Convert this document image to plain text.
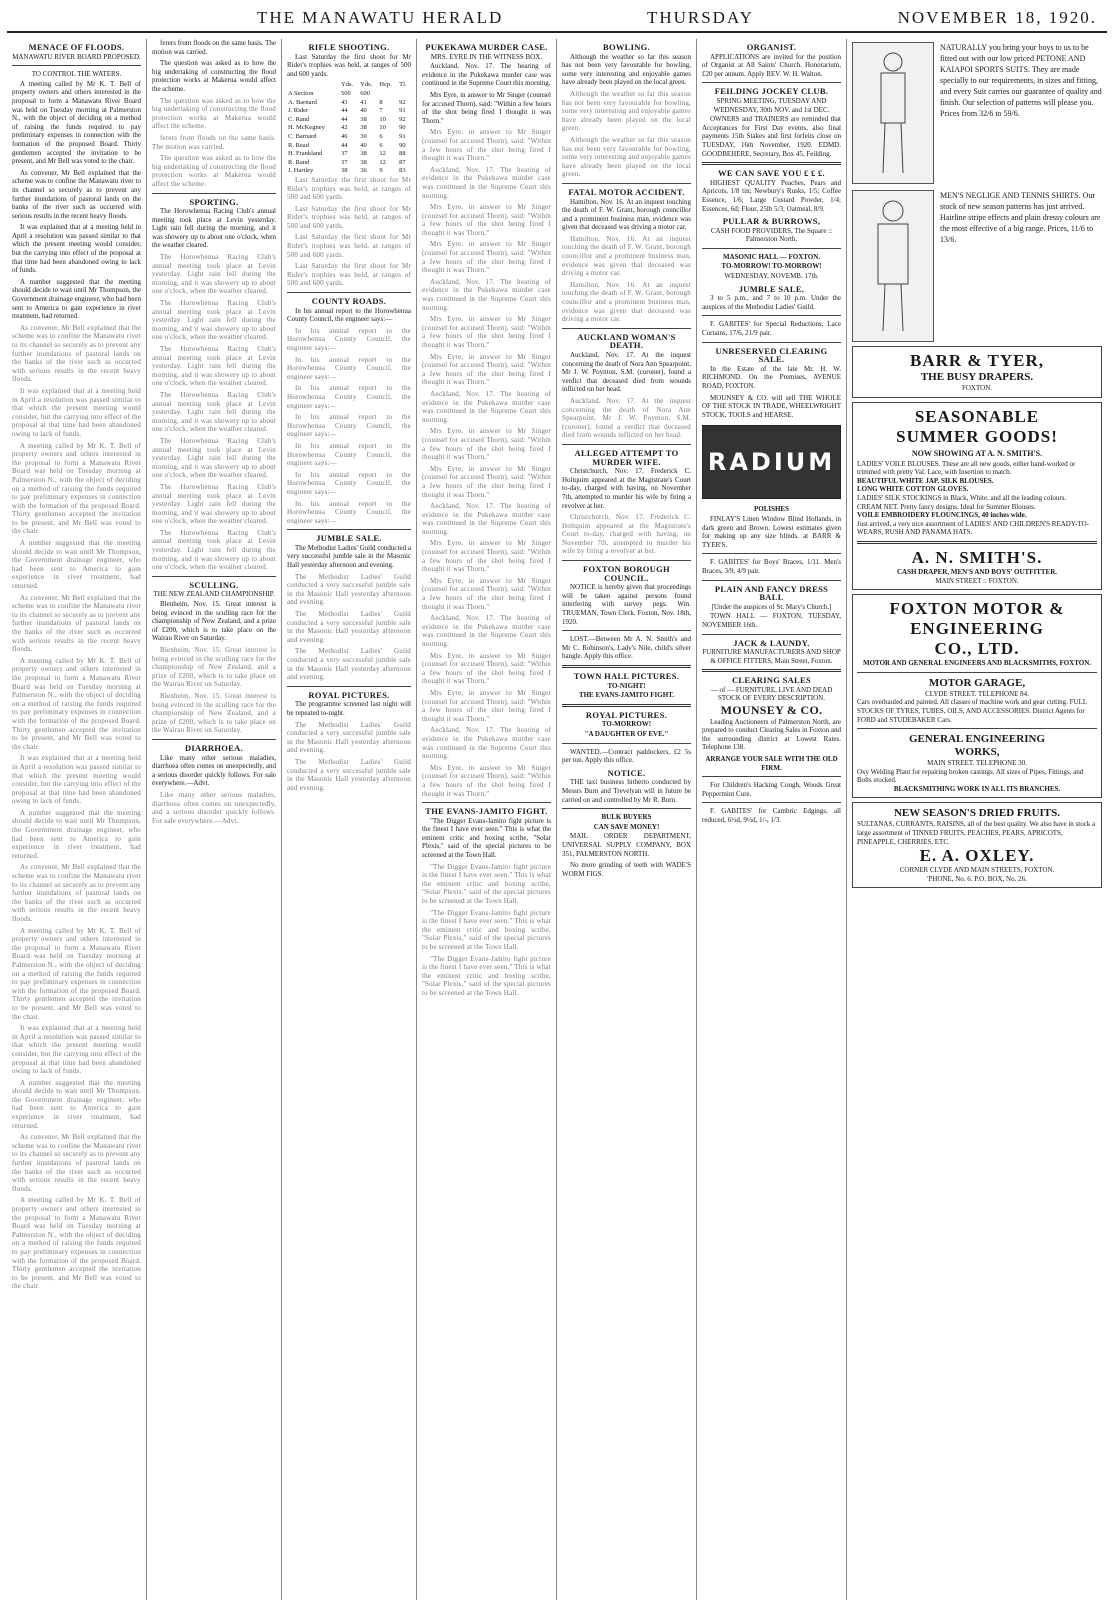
THE MANAWATU HERALD	THURSDAY	NOVEMBER 18, 1920.
MENACE OF FLOODS.
MANAWATU RIVER BOARD PROPOSED.
TO CONTROL THE WATERS.

A meeting called by Mr K. T. Bell of property owners and others interested in the proposal to form a Manawatu River Board was held on Tuesday morning at Palmerston N., with the object of deciding on a method of raising the funds required to pay preliminary expenses in connection with the formation of the proposed Board. Thirty gentlemen accepted the invitation to be present, and Mr Bell was voted to the chair.

As convener, Mr Bell explained that the scheme was to confine the Manawatu river to its channel so securely as to prevent any further inundations of pastoral lands on the banks of the river such as occurred with serious results in the recent heavy floods.

It was explained that at a meeting held in April a resolution was passed similar to that which the present meeting would consider, but the carrying into effect of the proposal at that time had been abandoned owing to lack of funds.

A number suggested that the meeting should decide to wait until Mr Thompson, the Government drainage engineer, who had been sent to America to gain experience in river treatment, had returned.

As convener, Mr Bell explained that the scheme was to confine the Manawatu river to its channel so securely as to prevent any further inundations of pastoral lands on the banks of the river such as occurred with serious results in the recent heavy floods.

It was explained that at a meeting held in April a resolution was passed similar to that which the present meeting would consider, but the carrying into effect of the proposal at that time had been abandoned owing to lack of funds.

A meeting called by Mr K. T. Bell of property owners and others interested in the proposal to form a Manawatu River Board was held on Tuesday morning at Palmerston N., with the object of deciding on a method of raising the funds required to pay preliminary expenses in connection with the formation of the proposed Board. Thirty gentlemen accepted the invitation to be present, and Mr Bell was voted to the chair.

A number suggested that the meeting should decide to wait until Mr Thompson, the Government drainage engineer, who had been sent to America to gain experience in river treatment, had returned.

As convener, Mr Bell explained that the scheme was to confine the Manawatu river to its channel so securely as to prevent any further inundations of pastoral lands on the banks of the river such as occurred with serious results in the recent heavy floods.

A meeting called by Mr K. T. Bell of property owners and others interested in the proposal to form a Manawatu River Board was held on Tuesday morning at Palmerston N., with the object of deciding on a method of raising the funds required to pay preliminary expenses in connection with the formation of the proposed Board. Thirty gentlemen accepted the invitation to be present, and Mr Bell was voted to the chair.

It was explained that at a meeting held in April a resolution was passed similar to that which the present meeting would consider, but the carrying into effect of the proposal at that time had been abandoned owing to lack of funds.

A number suggested that the meeting should decide to wait until Mr Thompson, the Government drainage engineer, who had been sent to America to gain experience in river treatment, had returned.

As convener, Mr Bell explained that the scheme was to confine the Manawatu river to its channel so securely as to prevent any further inundations of pastoral lands on the banks of the river such as occurred with serious results in the recent heavy floods.

A meeting called by Mr K. T. Bell of property owners and others interested in the proposal to form a Manawatu River Board was held on Tuesday morning at Palmerston N., with the object of deciding on a method of raising the funds required to pay preliminary expenses in connection with the formation of the proposed Board. Thirty gentlemen accepted the invitation to be present, and Mr Bell was voted to the chair.

It was explained that at a meeting held in April a resolution was passed similar to that which the present meeting would consider, but the carrying into effect of the proposal at that time had been abandoned owing to lack of funds.

A number suggested that the meeting should decide to wait until Mr Thompson, the Government drainage engineer, who had been sent to America to gain experience in river treatment, had returned.

As convener, Mr Bell explained that the scheme was to confine the Manawatu river to its channel so securely as to prevent any further inundations of pastoral lands on the banks of the river such as occurred with serious results in the recent heavy floods.

A meeting called by Mr K. T. Bell of property owners and others interested in the proposal to form a Manawatu River Board was held on Tuesday morning at Palmerston N., with the object of deciding on a method of raising the funds required to pay preliminary expenses in connection with the formation of the proposed Board. Thirty gentlemen accepted the invitation to be present, and Mr Bell was voted to the chair.

ferers from floods on the same basis. The motion was carried.

The question was asked as to how the big undertaking of constructing the flood protection works at Makerua would affect the scheme.

The question was asked as to how the big undertaking of constructing the flood protection works at Makerua would affect the scheme.

ferers from floods on the same basis. The motion was carried.

The question was asked as to how the big undertaking of constructing the flood protection works at Makerua would affect the scheme.

SPORTING.

The Horowhenua Racing Club's annual meeting took place at Levin yesterday. Light rain fell during the morning, and it was showery up to about one o'clock, when the weather cleared.

The Horowhenua Racing Club's annual meeting took place at Levin yesterday. Light rain fell during the morning, and it was showery up to about one o'clock, when the weather cleared.

The Horowhenua Racing Club's annual meeting took place at Levin yesterday. Light rain fell during the morning, and it was showery up to about one o'clock, when the weather cleared.

The Horowhenua Racing Club's annual meeting took place at Levin yesterday. Light rain fell during the morning, and it was showery up to about one o'clock, when the weather cleared.

The Horowhenua Racing Club's annual meeting took place at Levin yesterday. Light rain fell during the morning, and it was showery up to about one o'clock, when the weather cleared.

The Horowhenua Racing Club's annual meeting took place at Levin yesterday. Light rain fell during the morning, and it was showery up to about one o'clock, when the weather cleared.

The Horowhenua Racing Club's annual meeting took place at Levin yesterday. Light rain fell during the morning, and it was showery up to about one o'clock, when the weather cleared.

The Horowhenua Racing Club's annual meeting took place at Levin yesterday. Light rain fell during the morning, and it was showery up to about one o'clock, when the weather cleared.

SCULLING.
THE NEW ZEALAND CHAMPIONSHIP.

Blenheim, Nov. 15. Great interest is being evinced in the sculling race for the championship of New Zealand, and a prize of £200, which is to take place on the Wairau River on Saturday.

Blenheim, Nov. 15. Great interest is being evinced in the sculling race for the championship of New Zealand, and a prize of £200, which is to take place on the Wairau River on Saturday.

Blenheim, Nov. 15. Great interest is being evinced in the sculling race for the championship of New Zealand, and a prize of £200, which is to take place on the Wairau River on Saturday.

DIARRHOEA.

Like many other serious maladies, diarrhoea often comes on unexpectedly, and a serious disorder quickly follows. For sale everywhere.—Advt.

Like many other serious maladies, diarrhoea often comes on unexpectedly, and a serious disorder quickly follows. For sale everywhere.—Advt.

RIFLE SHOOTING.

Last Saturday the first shoot for Mr Rider's trophies was held, at ranges of 500 and 600 yards.

	Yds.	Yds.	Hcp.	Tl.
A Section	500	600		
A. Barnard	43	41	8	92
J. Rider	44	40	7	91
C. Rand	44	38	10	92
H. McKegney	42	38	10	90
C. Barnard	46	30	6	91
R. Read	44	40	6	90
H. Frankland	37	38	12	88
R. Rand	37	38	12	87
J. Hartley	38	36	9	83

Last Saturday the first shoot for Mr Rider's trophies was held, at ranges of 500 and 600 yards.

Last Saturday the first shoot for Mr Rider's trophies was held, at ranges of 500 and 600 yards.

Last Saturday the first shoot for Mr Rider's trophies was held, at ranges of 500 and 600 yards.

Last Saturday the first shoot for Mr Rider's trophies was held, at ranges of 500 and 600 yards.

COUNTY ROADS.

In his annual report to the Horowhenua County Council, the engineer says:—

In his annual report to the Horowhenua County Council, the engineer says:—

In his annual report to the Horowhenua County Council, the engineer says:—

In his annual report to the Horowhenua County Council, the engineer says:—

In his annual report to the Horowhenua County Council, the engineer says:—

In his annual report to the Horowhenua County Council, the engineer says:—

In his annual report to the Horowhenua County Council, the engineer says:—

In his annual report to the Horowhenua County Council, the engineer says:—

JUMBLE SALE.

The Methodist Ladies' Guild conducted a very successful jumble sale in the Masonic Hall yesterday afternoon and evening.

The Methodist Ladies' Guild conducted a very successful jumble sale in the Masonic Hall yesterday afternoon and evening.

The Methodist Ladies' Guild conducted a very successful jumble sale in the Masonic Hall yesterday afternoon and evening.

The Methodist Ladies' Guild conducted a very successful jumble sale in the Masonic Hall yesterday afternoon and evening.

ROYAL PICTURES.

The programme screened last night will be repeated to-night.

The Methodist Ladies' Guild conducted a very successful jumble sale in the Masonic Hall yesterday afternoon and evening.

The Methodist Ladies' Guild conducted a very successful jumble sale in the Masonic Hall yesterday afternoon and evening.

PUKEKAWA MURDER CASE.
MRS. EYRE IN THE WITNESS BOX.

Auckland, Nov. 17. The hearing of evidence in the Pukekawa murder case was continued in the Supreme Court this morning.

Mrs Eyre, in answer to Mr Singer (counsel for accused Thorn), said: "Within a few hours of the shot being fired I thought it was Thorn."

Mrs Eyre, in answer to Mr Singer (counsel for accused Thorn), said: "Within a few hours of the shot being fired I thought it was Thorn."

Auckland, Nov. 17. The hearing of evidence in the Pukekawa murder case was continued in the Supreme Court this morning.

Mrs Eyre, in answer to Mr Singer (counsel for accused Thorn), said: "Within a few hours of the shot being fired I thought it was Thorn."

Mrs Eyre, in answer to Mr Singer (counsel for accused Thorn), said: "Within a few hours of the shot being fired I thought it was Thorn."

Auckland, Nov. 17. The hearing of evidence in the Pukekawa murder case was continued in the Supreme Court this morning.

Mrs Eyre, in answer to Mr Singer (counsel for accused Thorn), said: "Within a few hours of the shot being fired I thought it was Thorn."

Mrs Eyre, in answer to Mr Singer (counsel for accused Thorn), said: "Within a few hours of the shot being fired I thought it was Thorn."

Auckland, Nov. 17. The hearing of evidence in the Pukekawa murder case was continued in the Supreme Court this morning.

Mrs Eyre, in answer to Mr Singer (counsel for accused Thorn), said: "Within a few hours of the shot being fired I thought it was Thorn."

Mrs Eyre, in answer to Mr Singer (counsel for accused Thorn), said: "Within a few hours of the shot being fired I thought it was Thorn."

Auckland, Nov. 17. The hearing of evidence in the Pukekawa murder case was continued in the Supreme Court this morning.

Mrs Eyre, in answer to Mr Singer (counsel for accused Thorn), said: "Within a few hours of the shot being fired I thought it was Thorn."

Mrs Eyre, in answer to Mr Singer (counsel for accused Thorn), said: "Within a few hours of the shot being fired I thought it was Thorn."

Auckland, Nov. 17. The hearing of evidence in the Pukekawa murder case was continued in the Supreme Court this morning.

Mrs Eyre, in answer to Mr Singer (counsel for accused Thorn), said: "Within a few hours of the shot being fired I thought it was Thorn."

Mrs Eyre, in answer to Mr Singer (counsel for accused Thorn), said: "Within a few hours of the shot being fired I thought it was Thorn."

Auckland, Nov. 17. The hearing of evidence in the Pukekawa murder case was continued in the Supreme Court this morning.

Mrs Eyre, in answer to Mr Singer (counsel for accused Thorn), said: "Within a few hours of the shot being fired I thought it was Thorn."

THE EVANS-JAMITO FIGHT.

"The Digger Evans-Jamito fight picture is the finest I have ever seen." This is what the eminent critic and boxing scribe, "Solar Plexis," said of the special pictures to be screened at the Town Hall.

"The Digger Evans-Jamito fight picture is the finest I have ever seen." This is what the eminent critic and boxing scribe, "Solar Plexis," said of the special pictures to be screened at the Town Hall.

"The Digger Evans-Jamito fight picture is the finest I have ever seen." This is what the eminent critic and boxing scribe, "Solar Plexis," said of the special pictures to be screened at the Town Hall.

"The Digger Evans-Jamito fight picture is the finest I have ever seen." This is what the eminent critic and boxing scribe, "Solar Plexis," said of the special pictures to be screened at the Town Hall.

BOWLING.

Although the weather so far this season has not been very favourable for bowling, some very interesting and enjoyable games have already been played on the local green.

Although the weather so far this season has not been very favourable for bowling, some very interesting and enjoyable games have already been played on the local green.

Although the weather so far this season has not been very favourable for bowling, some very interesting and enjoyable games have already been played on the local green.

FATAL MOTOR ACCIDENT.

Hamilton, Nov. 16. At an inquest touching the death of F. W. Grant, borough councillor and a prominent business man, evidence was given that deceased was driving a motor car.

Hamilton, Nov. 16. At an inquest touching the death of F. W. Grant, borough councillor and a prominent business man, evidence was given that deceased was driving a motor car.

Hamilton, Nov. 16. At an inquest touching the death of F. W. Grant, borough councillor and a prominent business man, evidence was given that deceased was driving a motor car.

AUCKLAND WOMAN'S DEATH.

Auckland, Nov. 17. At the inquest concerning the death of Nora Ann Spearpoint, Mr J. W. Poynton, S.M. (coroner), found a verdict that deceased died from wounds inflicted on her head.

Auckland, Nov. 17. At the inquest concerning the death of Nora Ann Spearpoint, Mr J. W. Poynton, S.M. (coroner), found a verdict that deceased died from wounds inflicted on her head.

ALLEGED ATTEMPT TO MURDER WIFE.

Christchurch, Nov. 17. Frederick C. Holtquim appeared at the Magistrate's Court to-day, charged with having, on November 7th, attempted to murder his wife by firing a revolver at her.

Christchurch, Nov. 17. Frederick C. Holtquim appeared at the Magistrate's Court to-day, charged with having, on November 7th, attempted to murder his wife by firing a revolver at her.

FOXTON BOROUGH COUNCIL.

NOTICE is hereby given that proceedings will be taken against persons found interfering with survey pegs. Wm. TRUEMAN, Town Clerk. Foxton, Nov. 18th, 1920.

LOST.—Between Mr A. N. Smith's and Mr C. Robinson's, Lady's Nile, child's silver bangle. Apply this office.

TOWN HALL PICTURES.
TO-NIGHT!
THE EVANS-JAMITO FIGHT.
ROYAL PICTURES.
TO-MORROW!
"A DAUGHTER OF EVE."

WANTED.—Contract paddockers, £2 5s per ton. Apply this office.

NOTICE.

THE taxi business hitherto conducted by Messrs Burn and Trevelyan will in future be carried on and controlled by Mr R. Burn.

BULK BUYERS
CAN SAVE MONEY!

MAIL ORDER DEPARTMENT, UNIVERSAL SUPPLY COMPANY, BOX 351, PALMERSTON NORTH.

No more grinding of teeth with WADE'S WORM FIGS.

ORGANIST.

APPLICATIONS are invited for the position of Organist at All Saints' Church. Honorarium, £20 per annum. Apply REV. W. H. Walton.

FEILDING JOCKEY CLUB.
SPRING MEETING, TUESDAY AND WEDNESDAY, 30th NOV. and 1st DEC.

OWNERS and TRAINERS are reminded that Acceptances for First Day events, also final payments 15th Stakes and first forfeits close on TUESDAY, 16th November, 1920. EDMD. GOODBEHERE, Secretary, Box 45, Feilding.

WE CAN SAVE YOU £ £ £.

HIGHEST QUALITY Peaches, Pears and Apricots, 1/8 tin; Newbury's Rusks, 1/5; Coffee Essence, 1/6; Large Custard Powder, 1/4; Essences, 6d; Flour, 25lb 5/3; Oatmeal, 8/9.

PULLAR & BURROWS,
CASH FOOD PROVIDERS, The Square :: Palmerston North.
MASONIC HALL — FOXTON.
TO-MORROW! TO-MORROW!
WEDNESDAY, NOVEMB. 17th.
JUMBLE SALE.

3 to 5 p.m., and 7 to 10 p.m. Under the auspices of the Methodist Ladies' Guild.

F. GABITES' for Special Reductions, Lace Curtains, 17/6, 21/9 pair.

UNRESERVED CLEARING SALE.

In the Estate of the late Mr. H. W. RICHMOND. On the Premises, AVENUE ROAD, FOXTON.

MOUNSEY & CO. will sell THE WHOLE OF THE STOCK IN TRADE, WHEELWRIGHT STOCK, TOOLS and HEARSE.

RADIUM
POLISHES

FINLAY'S Linen Window Blind Hollands, in dark green and Brown. Lowest estimates given for making up any size blinds, at BARR & TYER'S.

F. GABITES' for Boys' Braces, 1/11. Men's Braces, 3/9, 4/9 pair.

PLAIN AND FANCY DRESS BALL
[Under the auspices of St. Mary's Church.]

TOWN HALL — FOXTON, TUESDAY, NOVEMBER 16th.

JACK & LAUNDY.
FURNITURE MANUFACTURERS AND SHOP & OFFICE FITTERS, Main Street, Foxton.
CLEARING SALES
— of — FURNITURE, LIVE AND DEAD STOCK OF EVERY DESCRIPTION.
MOUNSEY & CO.

Leading Auctioneers of Palmerston North, are prepared to conduct Clearing Sales in Foxton and the surrounding district at Lowest Rates. Telephone 138.

ARRANGE YOUR SALE WITH THE OLD FIRM.

For Children's Hacking Cough, Woods Great Peppermint Cure.

F. GABITES' for Cambric Edgings, all reduced, 6½d, 9½d, 1/-, 1/3.

NATURALLY you bring your boys to us to be fitted out with our low priced PETONE AND KAIAPOI SPORTS SUITS. They are made specially to our requirements, in sizes and fitting, and every Suit carries our guarantee of quality and finish. Our selection of patterns will please you. Prices from 32/6 to 59/6.
MEN'S NEGLIGE AND TENNIS SHIRTS. Our stock of new season patterns has just arrived. Hairline stripe effects and plain dressy colours are the most effective of a big range. Prices, 11/6 to 13/6.
BARR & TYER,
THE BUSY DRAPERS.
FOXTON.
SEASONABLE
SUMMER GOODS!
NOW SHOWING AT A. N. SMITH'S.
LADIES' VOILE BLOUSES. These are all new goods, either hand-worked or trimmed with pretty Val. Lace, with Insertion to match.
BEAUTIFUL WHITE JAP. SILK BLOUSES.
LONG WHITE COTTON GLOVES.
LADIES' SILK STOCKINGS in Black, White, and all the leading colours.
CREAM NET. Pretty fancy designs. Ideal for Summer Blouses.
VOILE EMBROIDERY FLOUNCINGS, 40 inches wide.
Just arrived, a very nice assortment of LADIES' AND CHILDREN'S READY-TO-WEARS, RUSH AND PANAMA HATS.
A. N. SMITH'S.
CASH DRAPER, MEN'S AND BOYS' OUTFITTER.
MAIN STREET :: FOXTON.
FOXTON MOTOR &
ENGINEERING
CO., LTD.
MOTOR AND GENERAL ENGINEERS AND BLACKSMITHS, FOXTON.
MOTOR GARAGE,
CLYDE STREET. TELEPHONE 84.
Cars overhauled and painted. All classes of machine work and gear cutting. FULL STOCKS OF TYRES, TUBES, OILS, AND ACCESSORIES. District Agents for FORD and STUDEBAKER Cars.
GENERAL ENGINEERING
WORKS,
MAIN STREET. TELEPHONE 30.
Oxy Welding Plant for repairing broken castings. All sizes of Pipes, Fittings, and Bolts stocked.
BLACKSMITHING WORK IN ALL ITS BRANCHES.
NEW SEASON'S DRIED FRUITS.
SULTANAS, CURRANTS, RAISINS, all of the best quality. We also have in stock a large assortment of TINNED FRUITS, PEACHES, PEARS, APRICOTS, PINEAPPLE, CHERRIES, ETC.
E. A. OXLEY.
CORNER CLYDE AND MAIN STREETS, FOXTON.
'PHONE, No. 6. P.O. BOX, No. 26.
